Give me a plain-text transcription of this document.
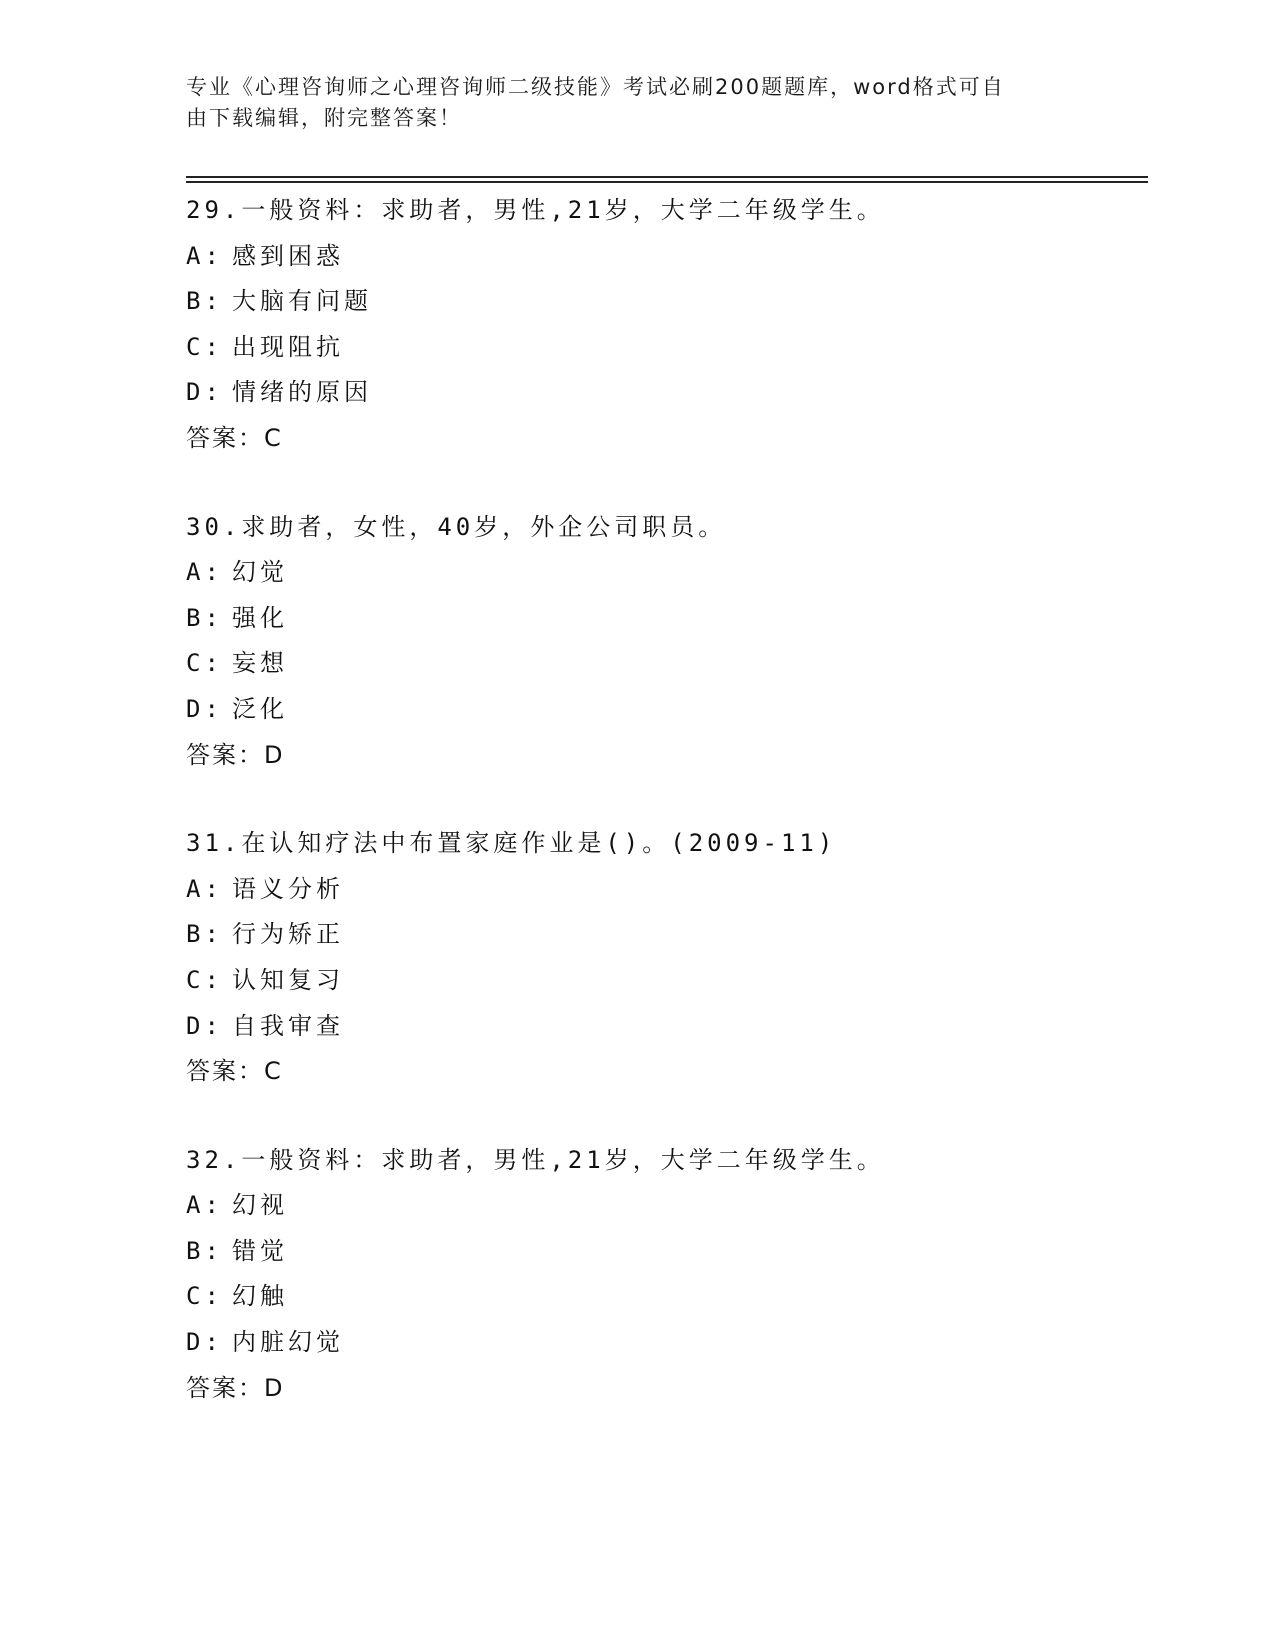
专业《心理咨询师之心理咨询师二级技能》考试必刷200题题库，word格式可自
由下载编辑，附完整答案！
29.一般资料：求助者，男性,21岁，大学二年级学生。
A: 感到困惑
B: 大脑有问题
C: 出现阻抗
D: 情绪的原因
答案：C
30.求助者，女性，40岁，外企公司职员。
A: 幻觉
B: 强化
C: 妄想
D: 泛化
答案：D
31.在认知疗法中布置家庭作业是()。(2009-11)
A: 语义分析
B: 行为矫正
C: 认知复习
D: 自我审查
答案：C
32.一般资料：求助者，男性,21岁，大学二年级学生。
A: 幻视
B: 错觉
C: 幻触
D: 内脏幻觉
答案：D
